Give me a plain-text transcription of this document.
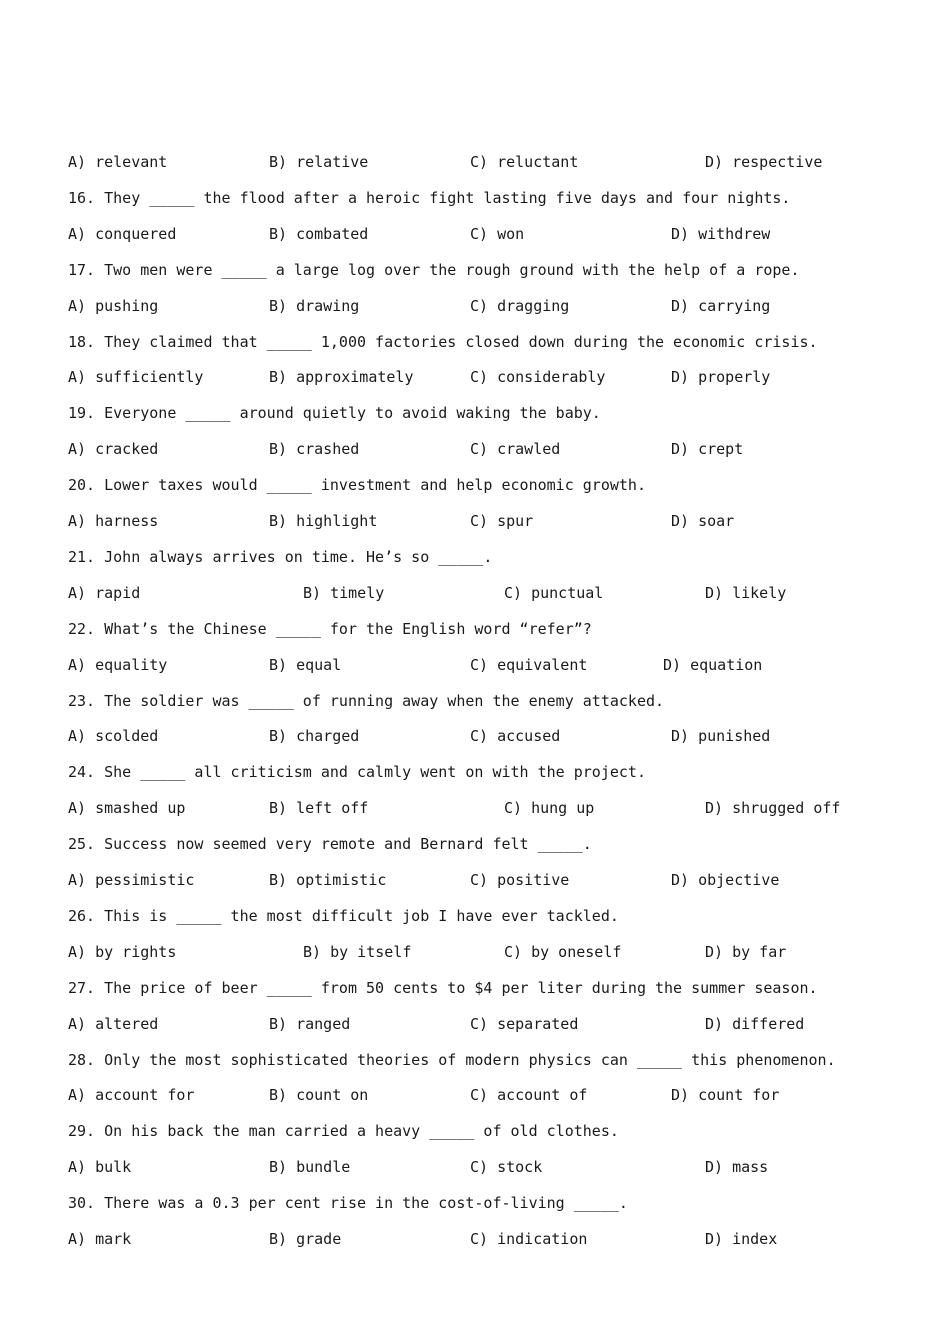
A) relevant	B) relative	C) reluctant	D) respective
16. They _____ the flood after a heroic fight lasting five days and four nights.
A) conquered	B) combated	C) won	D) withdrew
17. Two men were _____ a large log over the rough ground with the help of a rope.
A) pushing	B) drawing	C) dragging	D) carrying
18. They claimed that _____ 1,000 factories closed down during the economic crisis.
A) sufficiently	B) approximately	C) considerably	D) properly
19. Everyone _____ around quietly to avoid waking the baby.
A) cracked	B) crashed	C) crawled	D) crept
20. Lower taxes would _____ investment and help economic growth.
A) harness	B) highlight	C) spur	D) soar
21. John always arrives on time. He’s so _____.
A) rapid	B) timely	C) punctual	D) likely
22. What’s the Chinese _____ for the English word “refer”?
A) equality	B) equal	C) equivalent	D) equation
23. The soldier was _____ of running away when the enemy attacked.
A) scolded	B) charged	C) accused	D) punished
24. She _____ all criticism and calmly went on with the project.
A) smashed up	B) left off	C) hung up	D) shrugged off
25. Success now seemed very remote and Bernard felt _____.
A) pessimistic	B) optimistic	C) positive	D) objective
26. This is _____ the most difficult job I have ever tackled.
A) by rights	B) by itself	C) by oneself	D) by far
27. The price of beer _____ from 50 cents to $4 per liter during the summer season.
A) altered	B) ranged	C) separated	D) differed
28. Only the most sophisticated theories of modern physics can _____ this phenomenon.
A) account for	B) count on	C) account of	D) count for
29. On his back the man carried a heavy _____ of old clothes.
A) bulk	B) bundle	C) stock	D) mass
30. There was a 0.3 per cent rise in the cost-of-living _____.
A) mark	B) grade	C) indication	D) index
